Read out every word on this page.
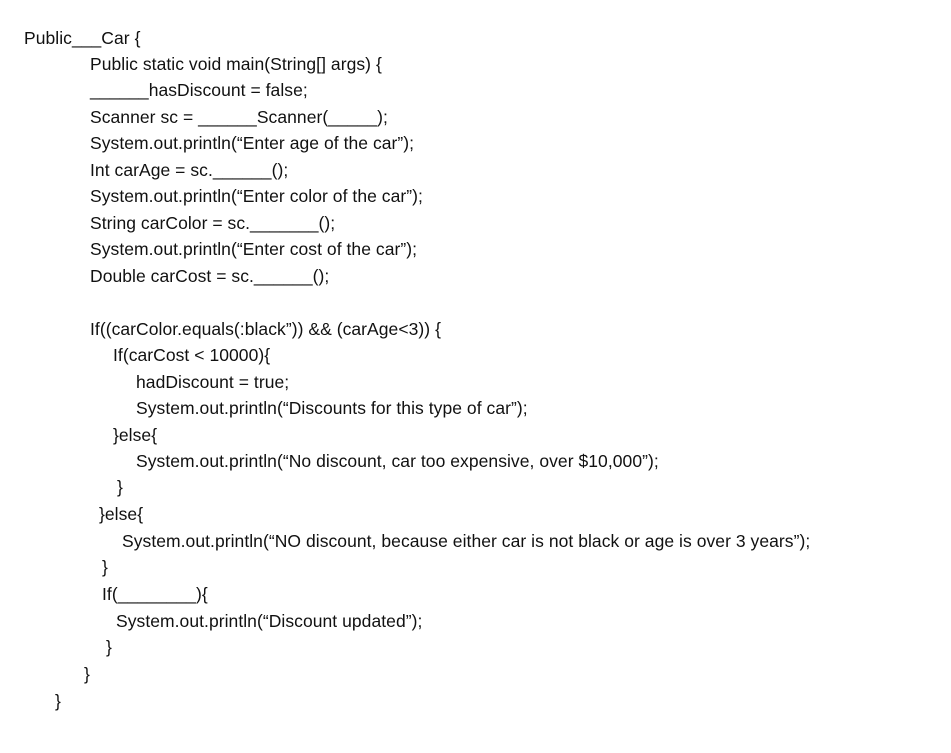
Public___Car {
Public static void main(String[] args) {
______hasDiscount = false;
Scanner sc = ______Scanner(_____);
System.out.println(“Enter age of the car”);
Int carAge = sc.______();
System.out.println(“Enter color of the car”);
String carColor = sc._______();
System.out.println(“Enter cost of the car”);
Double carCost = sc.______();
If((carColor.equals(:black”)) && (carAge<3)) {
If(carCost < 10000){
hadDiscount = true;
System.out.println(“Discounts for this type of car”);
}else{
System.out.println(“No discount, car too expensive, over $10,000”);
}
}else{
System.out.println(“NO discount, because either car is not black or age is over 3 years”);
}
If(________){
System.out.println(“Discount updated”);
}
}
}
